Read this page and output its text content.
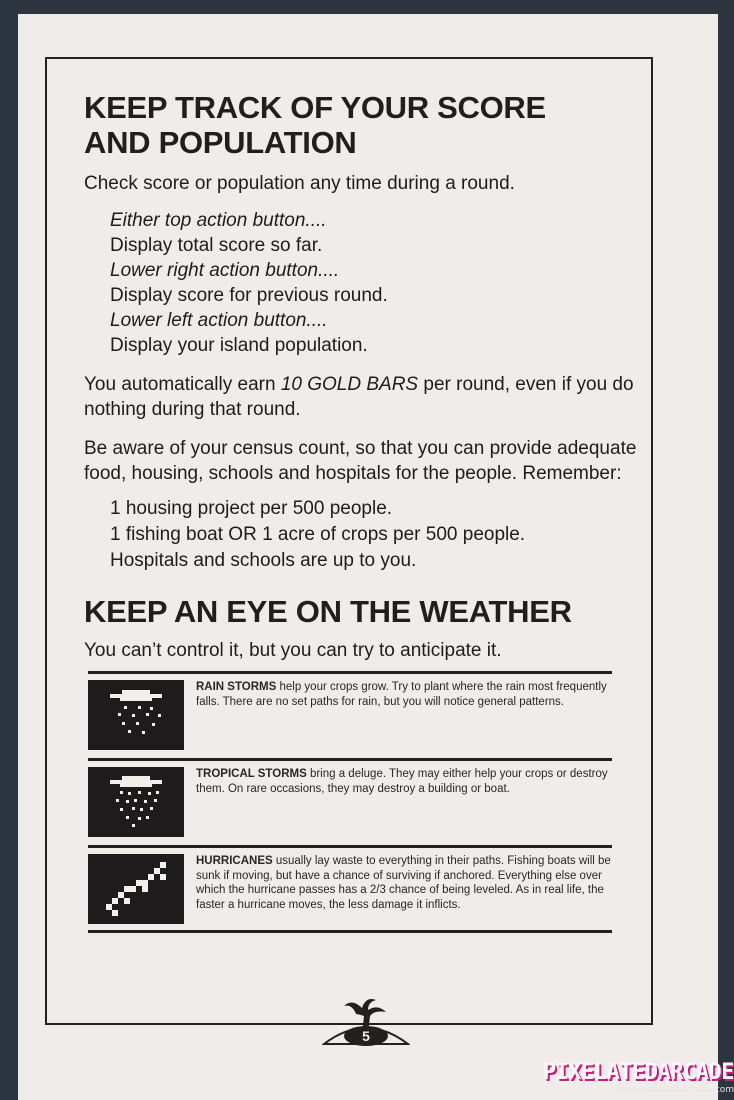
KEEP TRACK OF YOUR SCORE
AND POPULATION

Check score or population any time during a round.

Either top action button....
Display total score so far.
Lower right action button....
Display score for previous round.
Lower left action button....
Display your island population.

You automatically earn 10 GOLD BARS per round, even if you do nothing during that round.

Be aware of your census count, so that you can provide adequate food, housing, schools and hospitals for the people. Remember:

1 housing project per 500 people.
1 fishing boat OR 1 acre of crops per 500 people.
Hospitals and schools are up to you.
KEEP AN EYE ON THE WEATHER

You can’t control it, but you can try to anticipate it.

RAIN STORMS help your crops grow. Try to plant where the rain most frequently falls. There are no set paths for rain, but you will notice general patterns.
TROPICAL STORMS bring a deluge. They may either help your crops or destroy them. On rare occasions, they may destroy a building or boat.
HURRICANES usually lay waste to everything in their paths. Fishing boats will be sunk if moving, but have a chance of surviving if anchored. Everything else over which the hurricane passes has a 2/3 chance of being leveled. As in real life, the faster a hurricane moves, the less damage it inflicts.
5
PIXELATEDARCADE
www.pixelatedarcade.com
